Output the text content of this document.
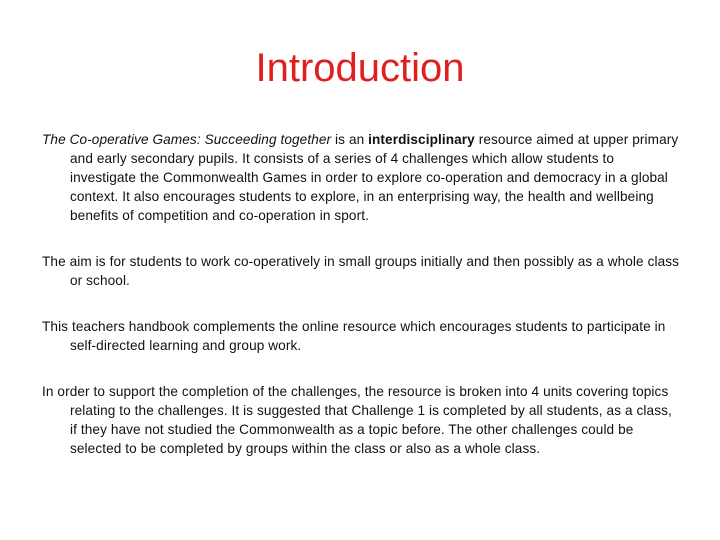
Introduction

The Co-operative Games: Succeeding together is an interdisciplinary resource aimed at upper primary and early secondary pupils. It consists of a series of 4 challenges which allow students to investigate the Commonwealth Games in order to explore co-operation and democracy in a global context. It also encourages students to explore, in an enterprising way, the health and wellbeing benefits of competition and co-operation in sport.

The aim is for students to work co-operatively in small groups initially and then possibly as a whole class or school.

This teachers handbook complements the online resource which encourages students to participate in self-directed learning and group work.

In order to support the completion of the challenges, the resource is broken into 4 units covering topics relating to the challenges. It is suggested that Challenge 1 is completed by all students, as a class, if they have not studied the Commonwealth as a topic before. The other challenges could be selected to be completed by groups within the class or also as a whole class.
